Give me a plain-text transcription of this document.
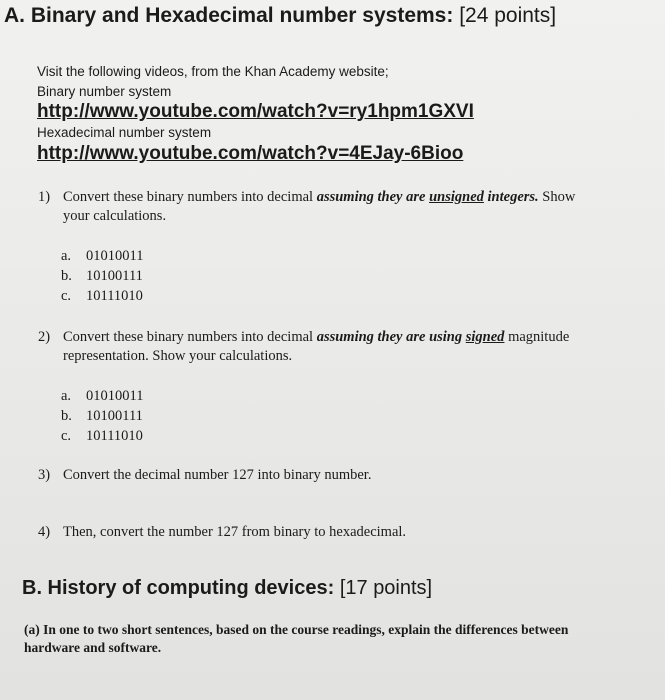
A. Binary and Hexadecimal number systems: [24 points]
Visit the following videos, from the Khan Academy website;
Binary number system
http://www.youtube.com/watch?v=ry1hpm1GXVI
Hexadecimal number system
http://www.youtube.com/watch?v=4EJay-6Bioo
1) Convert these binary numbers into decimal assuming they are unsigned integers. Show
your calculations.
a. 01010011
b. 10100111
c. 10111010
2) Convert these binary numbers into decimal assuming they are using signed magnitude
representation. Show your calculations.
a. 01010011
b. 10100111
c. 10111010
3) Convert the decimal number 127 into binary number.
4) Then, convert the number 127 from binary to hexadecimal.
B. History of computing devices: [17 points]
(a) In one to two short sentences, based on the course readings, explain the differences between
hardware and software.
